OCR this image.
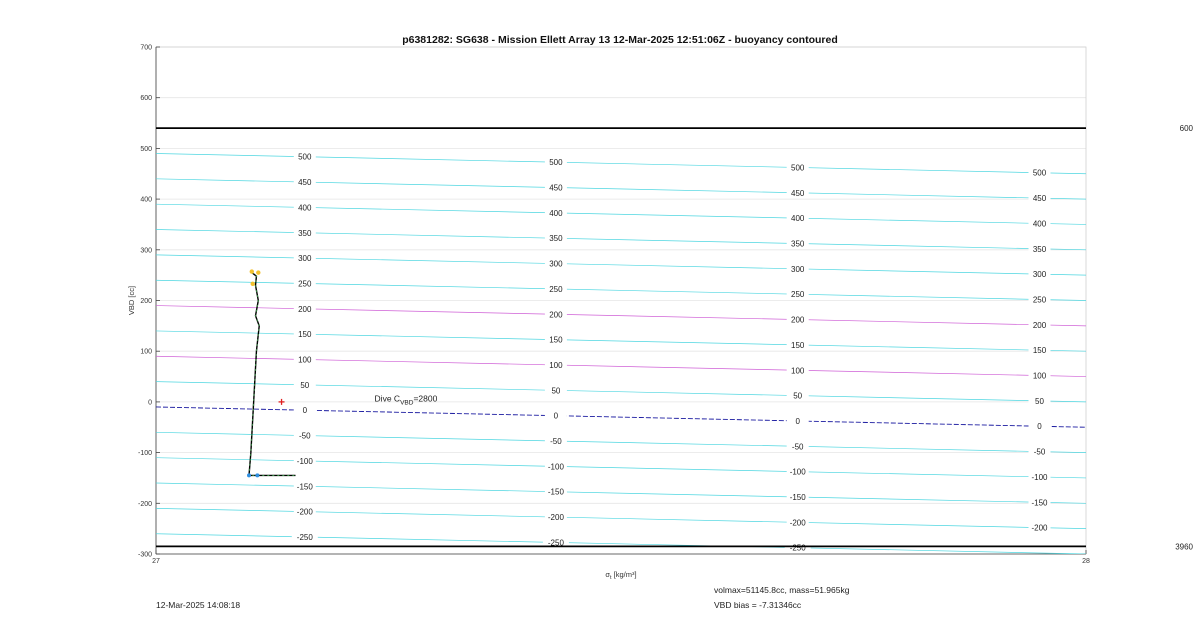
700
600
500
400
300
200
100
0
-100
-200
-300
27	28
VBD [cc]
$\sigma_t$ [kg/m³]
-200
-150
-100
-50
0
50
100
150
200
250
300
350
400
450
500
-200
-150
-100
-50
0
50
100
150
200
250
300
350
400
450
500
-200
-150
-100
-50
0
50
100
150
200
250
300
350
400
450
500
-200
-150
-100
-50
0
50
100
150
200
250
300
350
400
450
500
-250
-250
-250
600
3960
Dive $C_{VBD}=2800$
p6381282: SG638 - Mission Ellett Array 13 12-Mar-2025 12:51:06Z - buoyancy contoured
12-Mar-2025 14:08:18
volmax=51145.8cc, mass=51.965kg
VBD bias = -7.31346cc
